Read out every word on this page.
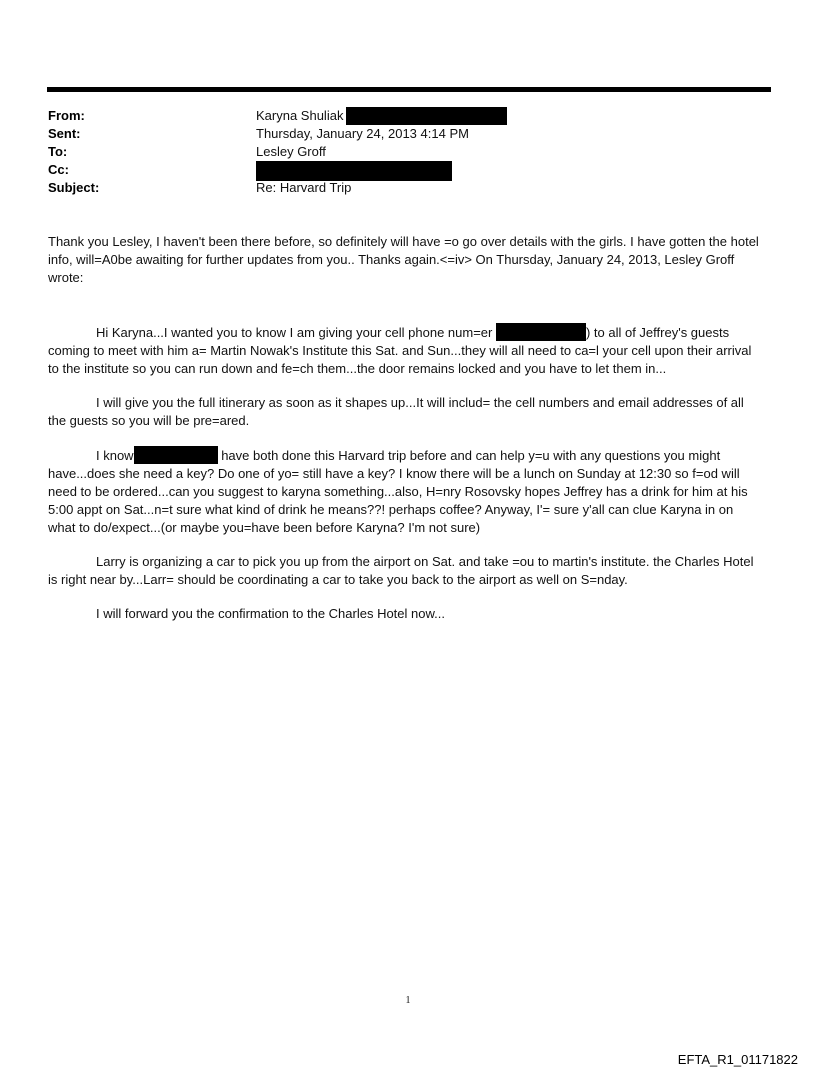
From:	Karyna Shuliak
Sent:	Thursday, January 24, 2013 4:14 PM
To:	Lesley Groff
Cc:
Subject:	Re: Harvard Trip

Thank you Lesley, I haven't been there before, so definitely will have =o go over details with the girls. I have gotten the hotel info, will=A0be awaiting for further updates from you.. Thanks again.<=iv> On Thursday, January 24, 2013, Lesley Groff wrote:

Hi Karyna...I wanted you to know I am giving your cell phone num=er	) to all of Jeffrey's guests coming to meet with him a= Martin Nowak's Institute this Sat. and Sun...they will all need to ca=l your cell upon their arrival to the institute so you can run down and fe=ch them...the door remains locked and you have to let them in...

I will give you the full itinerary as soon as it shapes up...It will includ= the cell numbers and email addresses of all the guests so you will be pre=ared.

I know	have both done this Harvard trip before and can help y=u with any questions you might have...does she need a key? Do one of yo= still have a key? I know there will be a lunch on Sunday at 12:30 so f=od will need to be ordered...can you suggest to karyna something...also, H=nry Rosovsky hopes Jeffrey has a drink for him at his 5:00 appt on Sat...n=t sure what kind of drink he means??! perhaps coffee? Anyway, I'= sure y'all can clue Karyna in on what to do/expect...(or maybe you=have been before Karyna? I'm not sure)

Larry is organizing a car to pick you up from the airport on Sat. and take =ou to martin's institute. the Charles Hotel is right near by...Larr= should be coordinating a car to take you back to the airport as well on S=nday.

I will forward you the confirmation to the Charles Hotel now...

1
EFTA_R1_01171822
